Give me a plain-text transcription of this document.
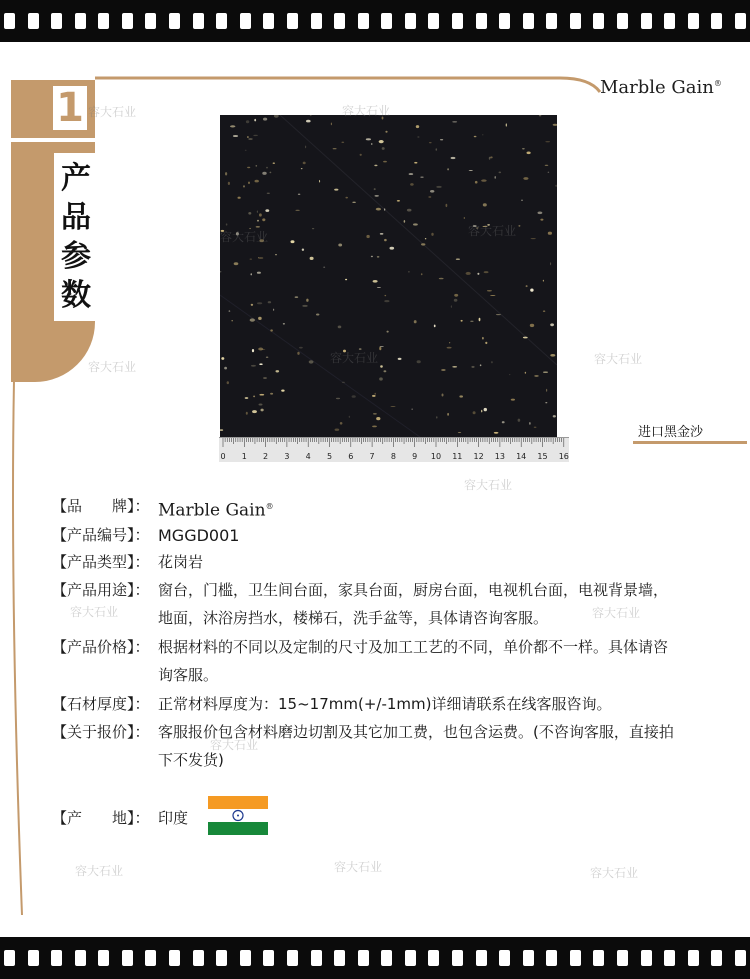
Marble Gain®
1
产
品
参
数
0 1 2 3 4 5 6 7 8 9 10 11 12 13 14 15 16
进口黑金沙
容大石业	容大石业
容大石业	容大石业
容大石业
容大石业
容大石业
容大石业
容大石业	容大石业
容大石业
容大石业	容大石业	容大石业
【品　　牌】： Marble Gain®
【产品编号】： MGGD001
【产品类型】： 花岗岩
【产品用途】： 窗台，门槛，卫生间台面，家具台面，厨房台面，电视机台面，电视背景墙，
地面，沐浴房挡水，楼梯石，洗手盆等，具体请咨询客服。
【产品价格】： 根据材料的不同以及定制的尺寸及加工工艺的不同，单价都不一样。具体请咨
询客服。
【石材厚度】： 正常材料厚度为：15~17mm(+/-1mm)详细请联系在线客服咨询。
【关于报价】： 客服报价包含材料磨边切割及其它加工费，也包含运费。(不咨询客服，直接拍
下不发货)
【产　　地】： 印度
